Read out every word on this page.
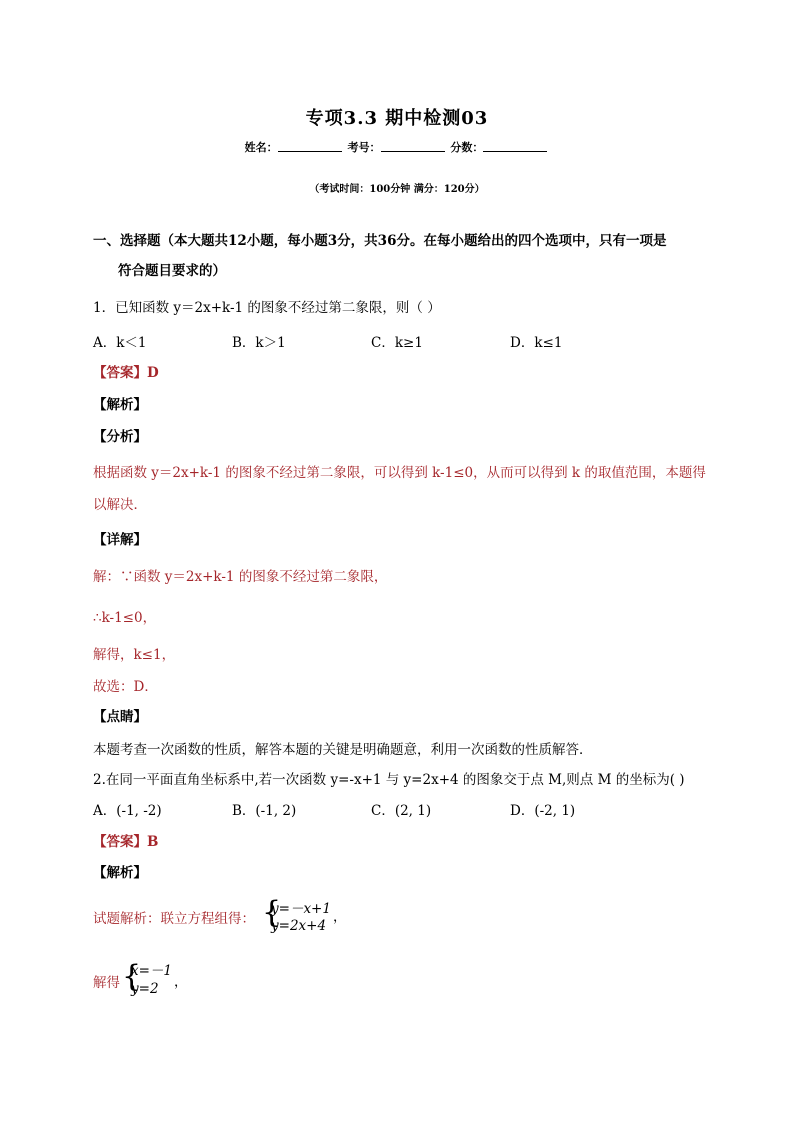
专项3.3 期中检测03
姓名：	考号：	分数：
（考试时间：100分钟 满分：120分）
一、选择题（本大题共12小题，每小题3分，共36分。在每小题给出的四个选项中，只有一项是
符合题目要求的）
1．已知函数 y＝2x+k-1 的图象不经过第二象限，则（ ）
A．k＜1	B．k＞1	C．k≥1	D．k≤1
【答案】D
【解析】
【分析】
根据函数 y＝2x+k-1 的图象不经过第二象限，可以得到 k-1≤0，从而可以得到 k 的取值范围，本题得
以解决．
【详解】
解：∵函数 y＝2x+k-1 的图象不经过第二象限，
∴k-1≤0，
解得，k≤1，
故选：D．
【点睛】
本题考查一次函数的性质，解答本题的关键是明确题意，利用一次函数的性质解答．
2.在同一平面直角坐标系中,若一次函数 y=-x+1 与 y=2x+4 的图象交于点 M,则点 M 的坐标为( )
A．(-1, -2)	B．(-1, 2)	C．(2, 1)	D．(-2, 1)
【答案】B
【解析】
试题解析：联立方程组得： {
y=－x+1
y=2x+4
，
解得 {
x=－1
y=2 ，
